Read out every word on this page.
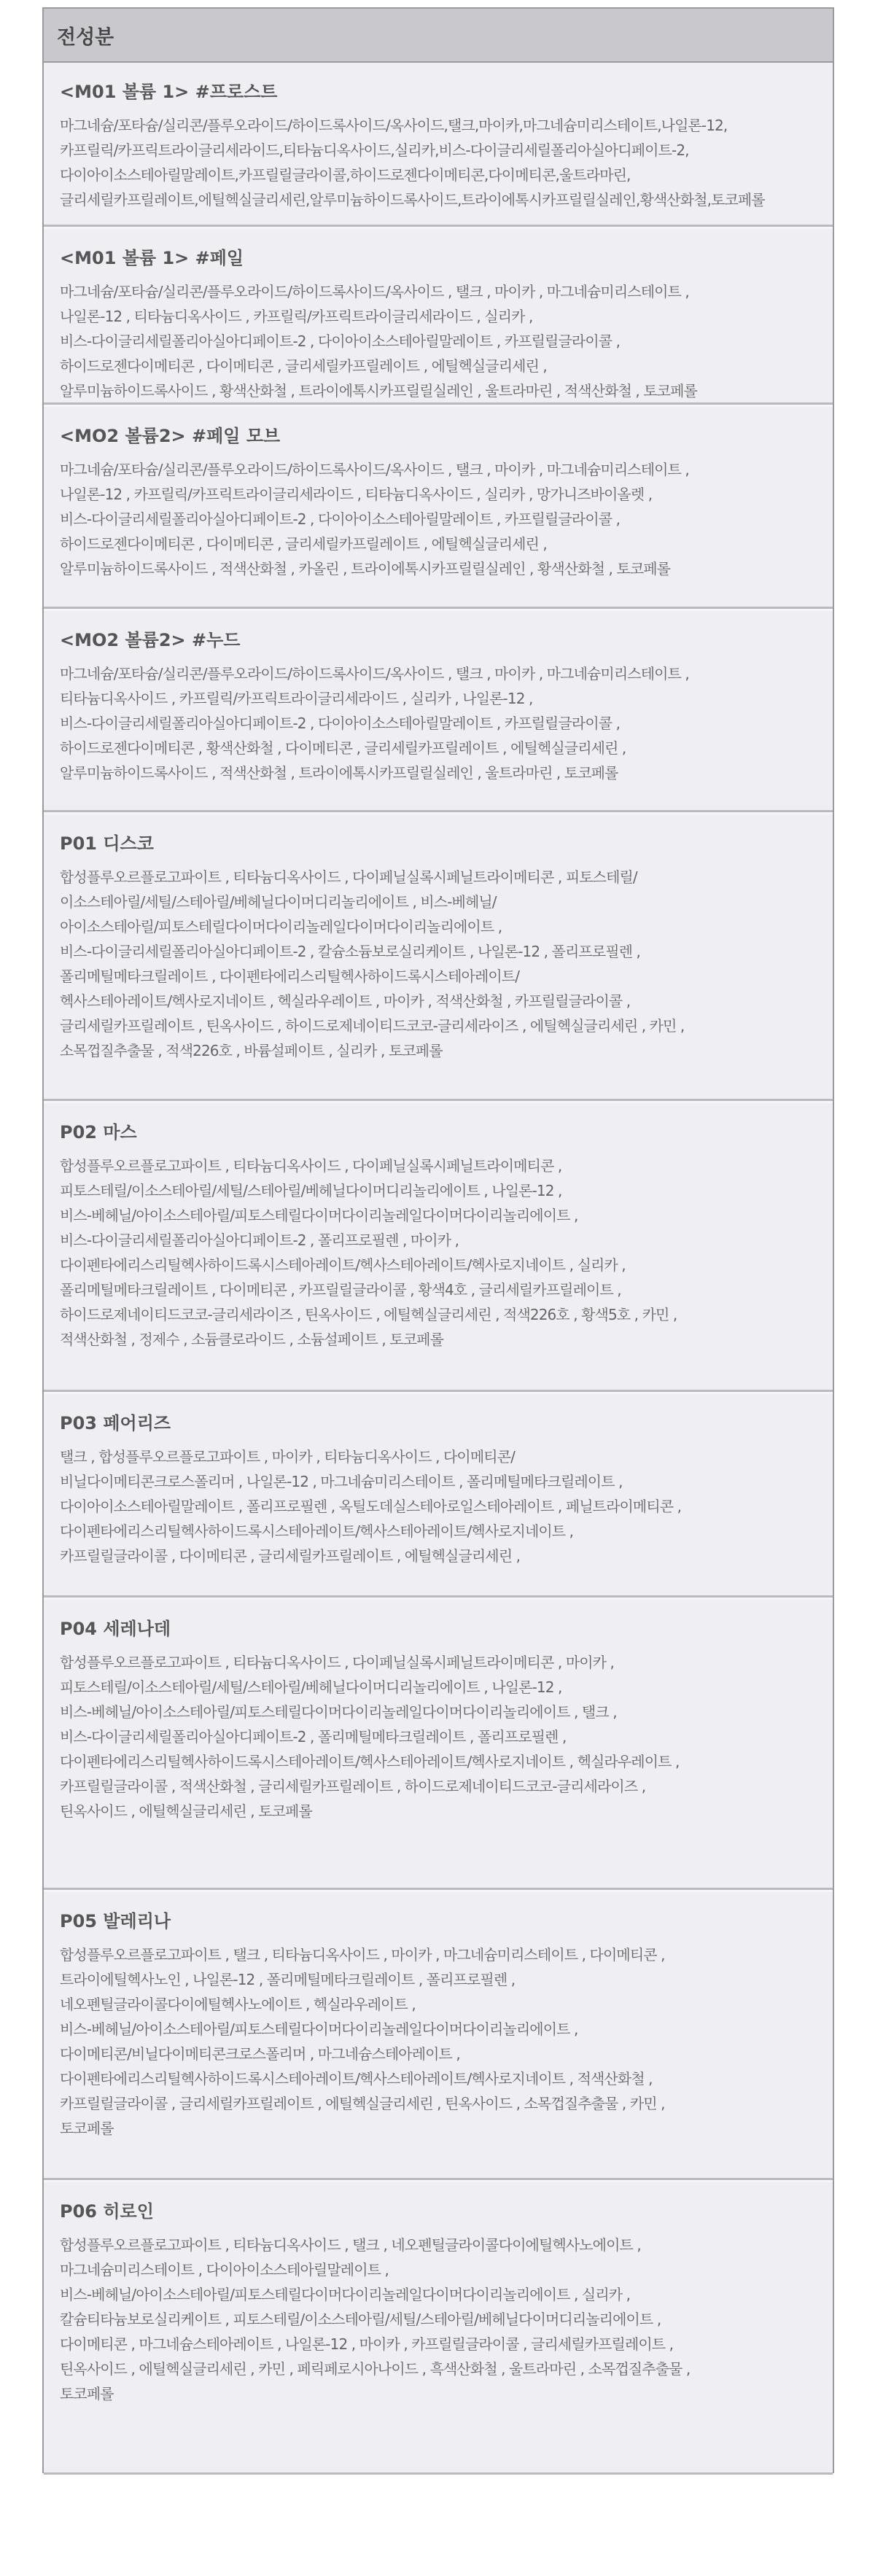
전성분
<M01 볼륨 1> #프로스트
마그네슘/포타슘/실리콘/플루오라이드/하이드록사이드/옥사이드,탤크,마이카,마그네슘미리스테이트,나일론-12,
카프릴릭/카프릭트라이글리세라이드,티타늄디옥사이드,실리카,비스-다이글리세릴폴리아실아디페이트-2,
다이아이소스테아릴말레이트,카프릴릴글라이콜,하이드로젠다이메티콘,다이메티콘,울트라마린,
글리세릴카프릴레이트,에틸헥실글리세린,알루미늄하이드록사이드,트라이에톡시카프릴릴실레인,황색산화철,토코페롤
<M01 볼륨 1> #페일
마그네슘/포타슘/실리콘/플루오라이드/하이드록사이드/옥사이드 , 탤크 , 마이카 , 마그네슘미리스테이트 ,
나일론-12 , 티타늄디옥사이드 , 카프릴릭/카프릭트라이글리세라이드 , 실리카 ,
비스-다이글리세릴폴리아실아디페이트-2 , 다이아이소스테아릴말레이트 , 카프릴릴글라이콜 ,
하이드로젠다이메티콘 , 다이메티콘 , 글리세릴카프릴레이트 , 에틸헥실글리세린 ,
알루미늄하이드록사이드 , 황색산화철 , 트라이에톡시카프릴릴실레인 , 울트라마린 , 적색산화철 , 토코페롤
<MO2 볼륨2> #페일 모브
마그네슘/포타슘/실리콘/플루오라이드/하이드록사이드/옥사이드 , 탤크 , 마이카 , 마그네슘미리스테이트 ,
나일론-12 , 카프릴릭/카프릭트라이글리세라이드 , 티타늄디옥사이드 , 실리카 , 망가니즈바이올렛 ,
비스-다이글리세릴폴리아실아디페이트-2 , 다이아이소스테아릴말레이트 , 카프릴릴글라이콜 ,
하이드로젠다이메티콘 , 다이메티콘 , 글리세릴카프릴레이트 , 에틸헥실글리세린 ,
알루미늄하이드록사이드 , 적색산화철 , 카올린 , 트라이에톡시카프릴릴실레인 , 황색산화철 , 토코페롤
<MO2 볼륨2> #누드
마그네슘/포타슘/실리콘/플루오라이드/하이드록사이드/옥사이드 , 탤크 , 마이카 , 마그네슘미리스테이트 ,
티타늄디옥사이드 , 카프릴릭/카프릭트라이글리세라이드 , 실리카 , 나일론-12 ,
비스-다이글리세릴폴리아실아디페이트-2 , 다이아이소스테아릴말레이트 , 카프릴릴글라이콜 ,
하이드로젠다이메티콘 , 황색산화철 , 다이메티콘 , 글리세릴카프릴레이트 , 에틸헥실글리세린 ,
알루미늄하이드록사이드 , 적색산화철 , 트라이에톡시카프릴릴실레인 , 울트라마린 , 토코페롤
P01 디스코
합성플루오르플로고파이트 , 티타늄디옥사이드 , 다이페닐실록시페닐트라이메티콘 , 피토스테릴/
이소스테아릴/세틸/스테아릴/베헤닐다이머디리놀리에이트 , 비스-베헤닐/
아이소스테아릴/피토스테릴다이머다이리놀레일다이머다이리놀리에이트 ,
비스-다이글리세릴폴리아실아디페이트-2 , 칼슘소듐보로실리케이트 , 나일론-12 , 폴리프로필렌 ,
폴리메틸메타크릴레이트 , 다이펜타에리스리틸헥사하이드록시스테아레이트/
헥사스테아레이트/헥사로지네이트 , 헥실라우레이트 , 마이카 , 적색산화철 , 카프릴릴글라이콜 ,
글리세릴카프릴레이트 , 틴옥사이드 , 하이드로제네이티드코코-글리세라이즈 , 에틸헥실글리세린 , 카민 ,
소목껍질추출물 , 적색226호 , 바륨설페이트 , 실리카 , 토코페롤
P02 마스
합성플루오르플로고파이트 , 티타늄디옥사이드 , 다이페닐실록시페닐트라이메티콘 ,
피토스테릴/이소스테아릴/세틸/스테아릴/베헤닐다이머디리놀리에이트 , 나일론-12 ,
비스-베헤닐/아이소스테아릴/피토스테릴다이머다이리놀레일다이머다이리놀리에이트 ,
비스-다이글리세릴폴리아실아디페이트-2 , 폴리프로필렌 , 마이카 ,
다이펜타에리스리틸헥사하이드록시스테아레이트/헥사스테아레이트/헥사로지네이트 , 실리카 ,
폴리메틸메타크릴레이트 , 다이메티콘 , 카프릴릴글라이콜 , 황색4호 , 글리세릴카프릴레이트 ,
하이드로제네이티드코코-글리세라이즈 , 틴옥사이드 , 에틸헥실글리세린 , 적색226호 , 황색5호 , 카민 ,
적색산화철 , 정제수 , 소듐클로라이드 , 소듐설페이트 , 토코페롤
P03 페어리즈
탤크 , 합성플루오르플로고파이트 , 마이카 , 티타늄디옥사이드 , 다이메티콘/
비닐다이메티콘크로스폴리머 , 나일론-12 , 마그네슘미리스테이트 , 폴리메틸메타크릴레이트 ,
다이아이소스테아릴말레이트 , 폴리프로필렌 , 옥틸도데실스테아로일스테아레이트 , 페닐트라이메티콘 ,
다이펜타에리스리틸헥사하이드록시스테아레이트/헥사스테아레이트/헥사로지네이트 ,
카프릴릴글라이콜 , 다이메티콘 , 글리세릴카프릴레이트 , 에틸헥실글리세린 ,
P04 세레나데
합성플루오르플로고파이트 , 티타늄디옥사이드 , 다이페닐실록시페닐트라이메티콘 , 마이카 ,
피토스테릴/이소스테아릴/세틸/스테아릴/베헤닐다이머디리놀리에이트 , 나일론-12 ,
비스-베헤닐/아이소스테아릴/피토스테릴다이머다이리놀레일다이머다이리놀리에이트 , 탤크 ,
비스-다이글리세릴폴리아실아디페이트-2 , 폴리메틸메타크릴레이트 , 폴리프로필렌 ,
다이펜타에리스리틸헥사하이드록시스테아레이트/헥사스테아레이트/헥사로지네이트 , 헥실라우레이트 ,
카프릴릴글라이콜 , 적색산화철 , 글리세릴카프릴레이트 , 하이드로제네이티드코코-글리세라이즈 ,
틴옥사이드 , 에틸헥실글리세린 , 토코페롤
P05 발레리나
합성플루오르플로고파이트 , 탤크 , 티타늄디옥사이드 , 마이카 , 마그네슘미리스테이트 , 다이메티콘 ,
트라이에틸헥사노인 , 나일론-12 , 폴리메틸메타크릴레이트 , 폴리프로필렌 ,
네오펜틸글라이콜다이에틸헥사노에이트 , 헥실라우레이트 ,
비스-베헤닐/아이소스테아릴/피토스테릴다이머다이리놀레일다이머다이리놀리에이트 ,
다이메티콘/비닐다이메티콘크로스폴리머 , 마그네슘스테아레이트 ,
다이펜타에리스리틸헥사하이드록시스테아레이트/헥사스테아레이트/헥사로지네이트 , 적색산화철 ,
카프릴릴글라이콜 , 글리세릴카프릴레이트 , 에틸헥실글리세린 , 틴옥사이드 , 소목껍질추출물 , 카민 ,
토코페롤
P06 히로인
합성플루오르플로고파이트 , 티타늄디옥사이드 , 탤크 , 네오펜틸글라이콜다이에틸헥사노에이트 ,
마그네슘미리스테이트 , 다이아이소스테아릴말레이트 ,
비스-베헤닐/아이소스테아릴/피토스테릴다이머다이리놀레일다이머다이리놀리에이트 , 실리카 ,
칼슘티타늄보로실리케이트 , 피토스테릴/이소스테아릴/세틸/스테아릴/베헤닐다이머디리놀리에이트 ,
다이메티콘 , 마그네슘스테아레이트 , 나일론-12 , 마이카 , 카프릴릴글라이콜 , 글리세릴카프릴레이트 ,
틴옥사이드 , 에틸헥실글리세린 , 카민 , 페릭페로시아나이드 , 흑색산화철 , 울트라마린 , 소목껍질추출물 ,
토코페롤
